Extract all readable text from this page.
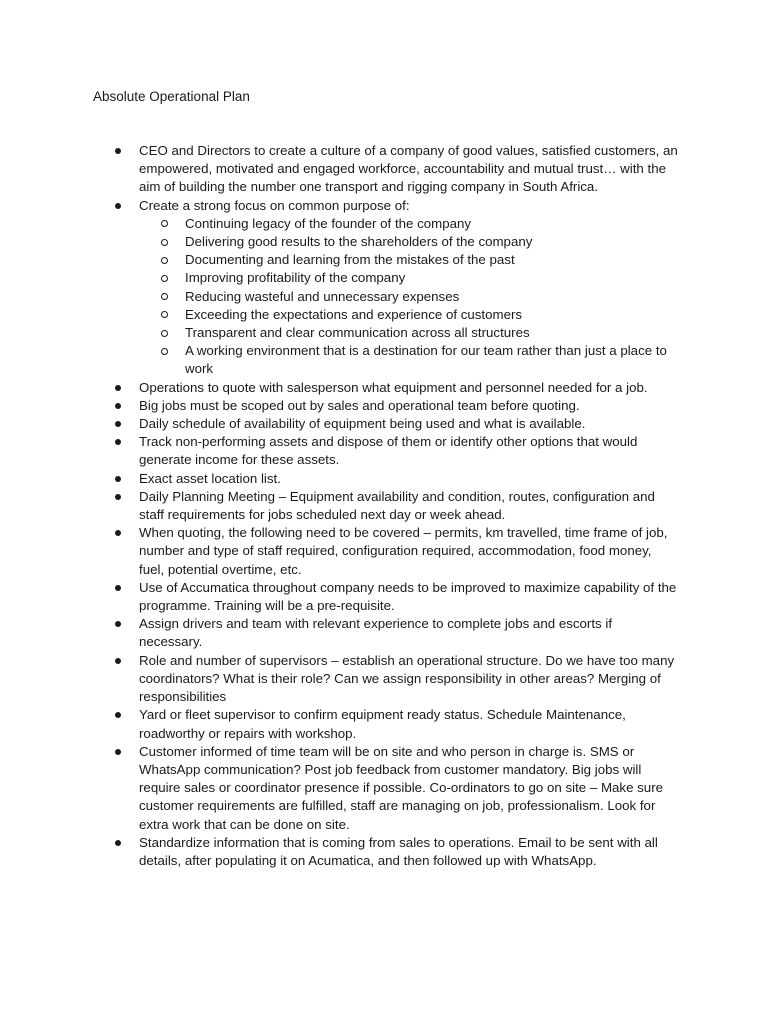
Absolute Operational Plan
CEO and Directors to create a culture of a company of good values, satisfied customers, an empowered, motivated and engaged workforce, accountability and mutual trust… with the aim of building the number one transport and rigging company in South Africa.
Create a strong focus on common purpose of:
Continuing legacy of the founder of the company
Delivering good results to the shareholders of the company
Documenting and learning from the mistakes of the past
Improving profitability of the company
Reducing wasteful and unnecessary expenses
Exceeding the expectations and experience of customers
Transparent and clear communication across all structures
A working environment that is a destination for our team rather than just a place to work
Operations to quote with salesperson what equipment and personnel needed for a job.
Big jobs must be scoped out by sales and operational team before quoting.
Daily schedule of availability of equipment being used and what is available.
Track non-performing assets and dispose of them or identify other options that would generate income for these assets.
Exact asset location list.
Daily Planning Meeting – Equipment availability and condition, routes, configuration and staff requirements for jobs scheduled next day or week ahead.
When quoting, the following need to be covered – permits, km travelled, time frame of job, number and type of staff required, configuration required, accommodation, food money, fuel, potential overtime, etc.
Use of Accumatica throughout company needs to be improved to maximize capability of the programme. Training will be a pre-requisite.
Assign drivers and team with relevant experience to complete jobs and escorts if necessary.
Role and number of supervisors – establish an operational structure. Do we have too many coordinators? What is their role? Can we assign responsibility in other areas? Merging of responsibilities
Yard or fleet supervisor to confirm equipment ready status. Schedule Maintenance, roadworthy or repairs with workshop.
Customer informed of time team will be on site and who person in charge is. SMS or WhatsApp communication? Post job feedback from customer mandatory. Big jobs will require sales or coordinator presence if possible. Co-ordinators to go on site – Make sure customer requirements are fulfilled, staff are managing on job, professionalism. Look for extra work that can be done on site.
Standardize information that is coming from sales to operations. Email to be sent with all details, after populating it on Acumatica, and then followed up with WhatsApp.
